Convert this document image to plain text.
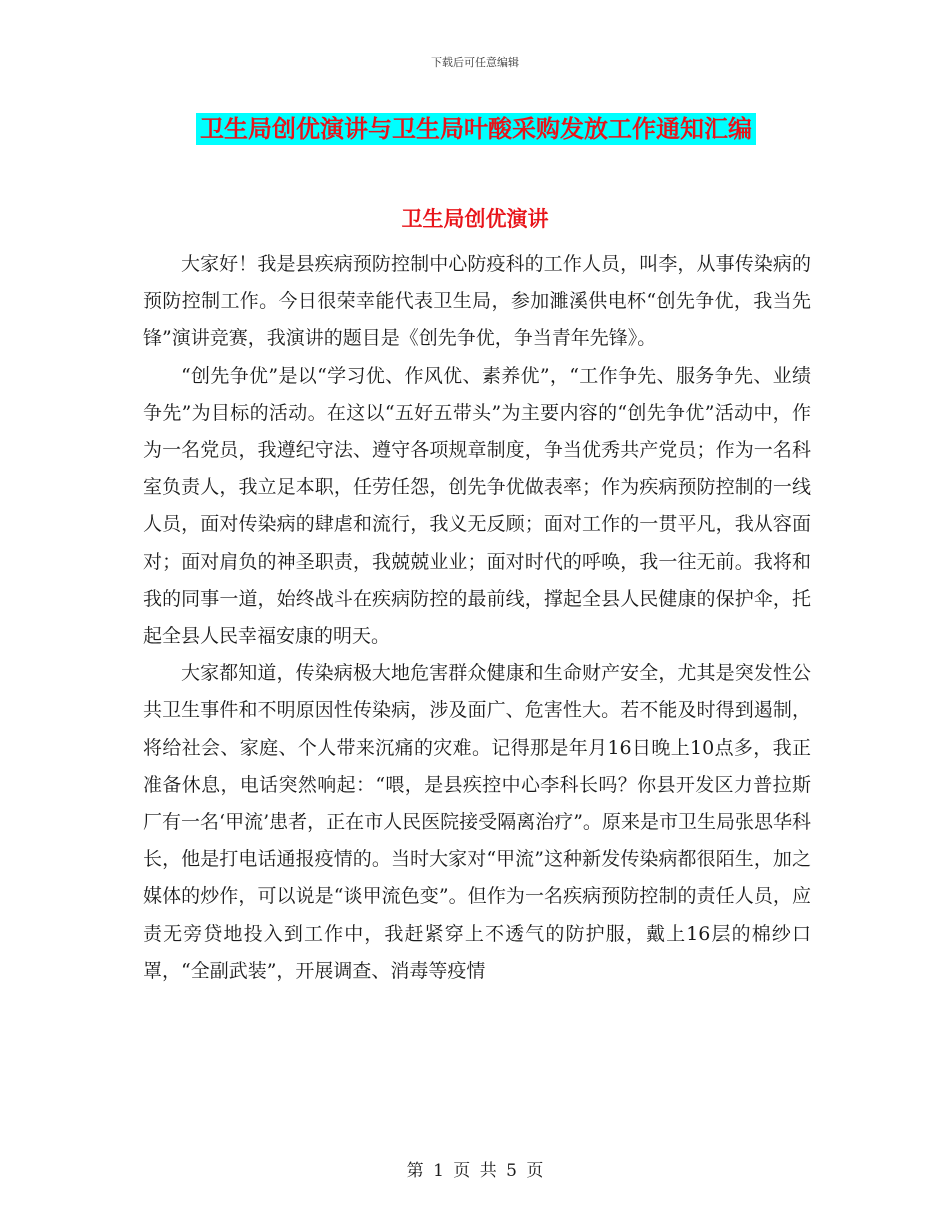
下载后可任意编辑
卫生局创优演讲与卫生局叶酸采购发放工作通知汇编
卫生局创优演讲

大家好！我是县疾病预防控制中心防疫科的工作人员，叫李，从事传染病的预防控制工作。今日很荣幸能代表卫生局，参加濉溪供电杯“创先争优，我当先锋”演讲竞赛，我演讲的题目是《创先争优，争当青年先锋》。

“创先争优”是以“学习优、作风优、素养优”，“工作争先、服务争先、业绩争先”为目标的活动。在这以“五好五带头”为主要内容的“创先争优”活动中，作为一名党员，我遵纪守法、遵守各项规章制度，争当优秀共产党员；作为一名科室负责人，我立足本职，任劳任怨，创先争优做表率；作为疾病预防控制的一线人员，面对传染病的肆虐和流行，我义无反顾；面对工作的一贯平凡，我从容面对；面对肩负的神圣职责，我兢兢业业；面对时代的呼唤，我一往无前。我将和我的同事一道，始终战斗在疾病防控的最前线，撑起全县人民健康的保护伞，托起全县人民幸福安康的明天。

大家都知道，传染病极大地危害群众健康和生命财产安全，尤其是突发性公共卫生事件和不明原因性传染病，涉及面广、危害性大。若不能及时得到遏制，将给社会、家庭、个人带来沉痛的灾难。记得那是年月16日晚上10点多，我正准备休息，电话突然响起：“喂，是县疾控中心李科长吗？你县开发区力普拉斯厂有一名‘甲流’患者，正在市人民医院接受隔离治疗”。原来是市卫生局张思华科长，他是打电话通报疫情的。当时大家对“甲流”这种新发传染病都很陌生，加之媒体的炒作，可以说是“谈甲流色变”。但作为一名疾病预防控制的责任人员，应责无旁贷地投入到工作中，我赶紧穿上不透气的防护服，戴上16层的棉纱口罩，“全副武装”，开展调查、消毒等疫情

第 1 页 共 5 页
